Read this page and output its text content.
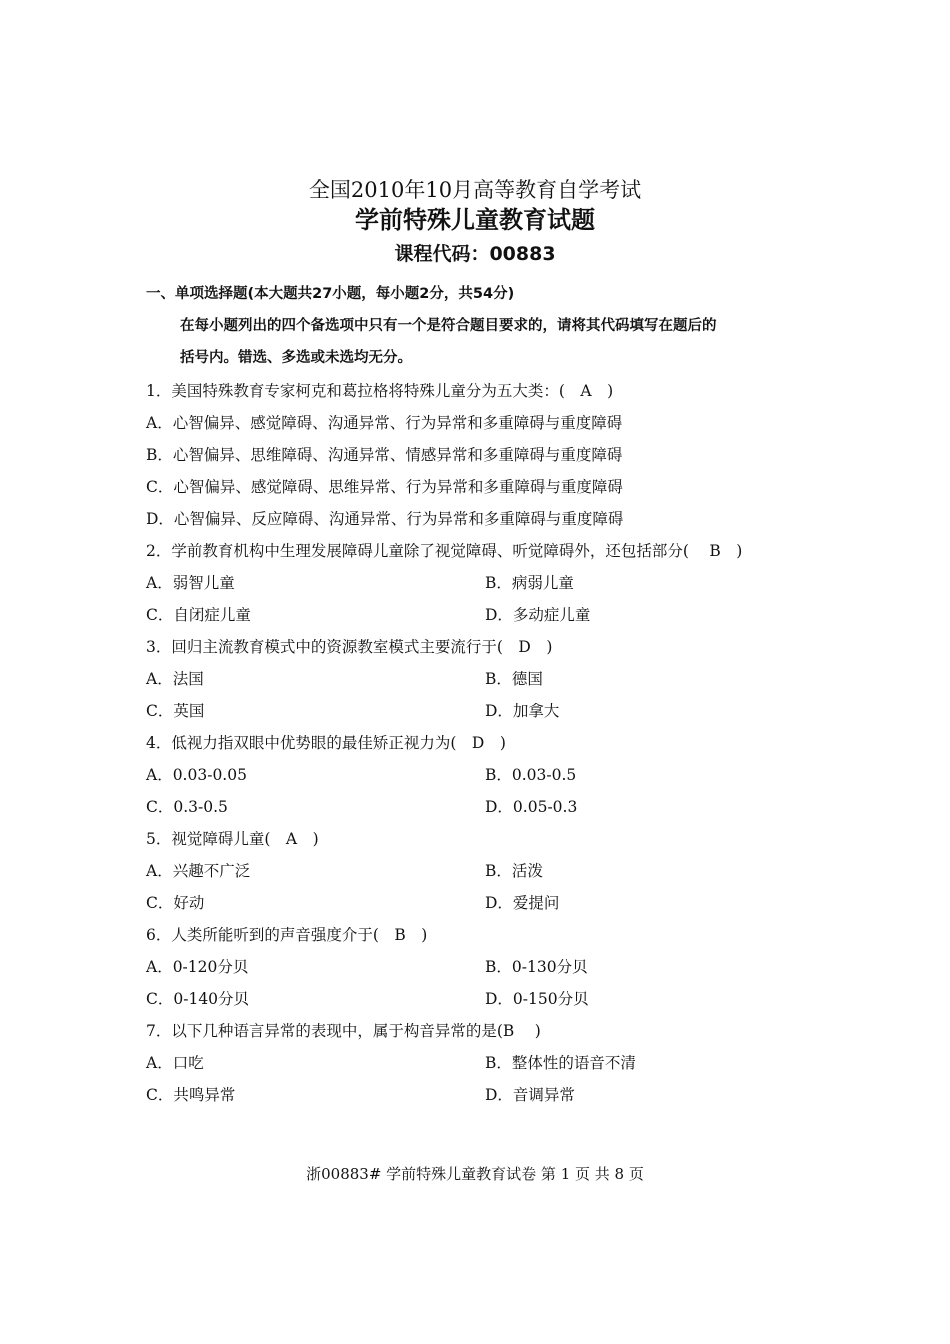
全国2010年10月高等教育自学考试
学前特殊儿童教育试题
课程代码：00883
一、单项选择题(本大题共27小题，每小题2分，共54分)
在每小题列出的四个备选项中只有一个是符合题目要求的，请将其代码填写在题后的
括号内。错选、多选或未选均无分。
1．美国特殊教育专家柯克和葛拉格将特殊儿童分为五大类：(　A　)
A．心智偏异、感觉障碍、沟通异常、行为异常和多重障碍与重度障碍
B．心智偏异、思维障碍、沟通异常、情感异常和多重障碍与重度障碍
C．心智偏异、感觉障碍、思维异常、行为异常和多重障碍与重度障碍
D．心智偏异、反应障碍、沟通异常、行为异常和多重障碍与重度障碍
2．学前教育机构中生理发展障碍儿童除了视觉障碍、听觉障碍外，还包括部分(　 B　)
A．弱智儿童	B．病弱儿童
C．自闭症儿童	D．多动症儿童
3．回归主流教育模式中的资源教室模式主要流行于(　D　)
A．法国	B．德国
C．英国	D．加拿大
4．低视力指双眼中优势眼的最佳矫正视力为(　D　)
A．0.03-0.05	B．0.03-0.5
C．0.3-0.5	D．0.05-0.3
5．视觉障碍儿童(　A　)
A．兴趣不广泛	B．活泼
C．好动	D．爱提问
6．人类所能听到的声音强度介于(　B　)
A．0-120分贝	B．0-130分贝
C．0-140分贝	D．0-150分贝
7．以下几种语言异常的表现中，属于构音异常的是(B　 )
A．口吃	B．整体性的语音不清
C．共鸣异常	D．音调异常
浙00883# 学前特殊儿童教育试卷 第 1 页 共 8 页
